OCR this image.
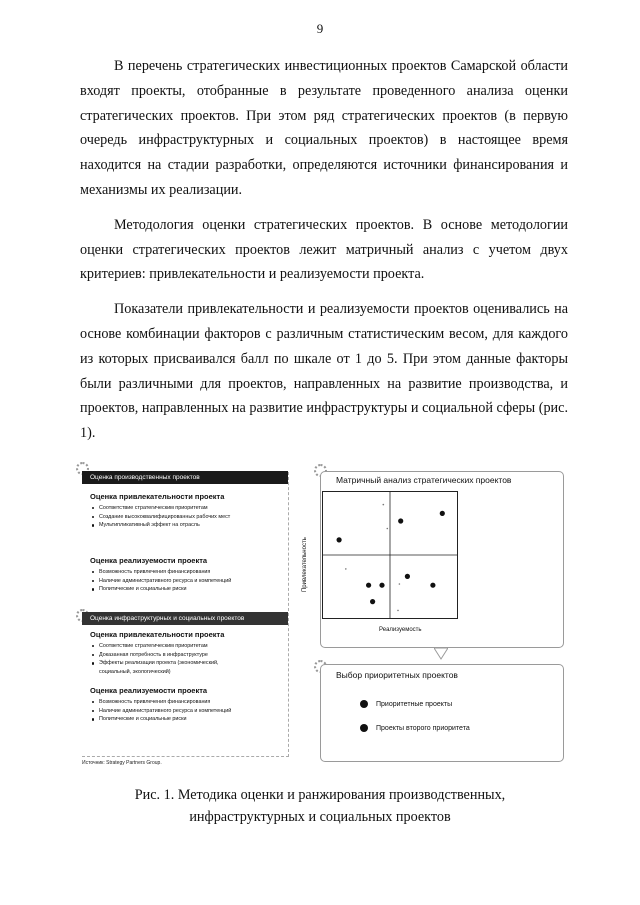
9

В перечень стратегических инвестиционных проектов Самарской области входят проекты, отобранные в результате проведенного анализа оценки стратегических проектов. При этом ряд стратегических проектов (в первую очередь инфраструктурных и социальных проектов) в настоящее время находится на стадии разработки, определяются источники финансирования и механизмы их реализации.

Методология оценки стратегических проектов. В основе методологии оценки стратегических проектов лежит матричный анализ с учетом двух критериев: привлекательности и реализуемости проекта.

Показатели привлекательности и реализуемости проектов оценивались на основе комбинации факторов с различным статистическим весом, для каждого из которых присваивался балл по шкале от 1 до 5. При этом данные факторы были различными для проектов, направленных на развитие производства, и проектов, направленных на развитие инфраструктуры и социальной сферы (рис. 1).

Оценка производственных проектов
Оценка привлекательности проекта
Соответствие стратегическим приоритетам
Создание высококвалифицированных рабочих мест
Мультипликативный эффект на отрасль
Оценка реализуемости проекта
Возможность привлечения финансирования
Наличие административного ресурса и компетенций
Политические и социальные риски
Оценка инфраструктурных и социальных проектов
Оценка привлекательности проекта
Соответствие стратегическим приоритетам
Доказанная потребность в инфраструктуре
Эффекты реализации проекта (экономический, социальный, экологический)
Оценка реализуемости проекта
Возможность привлечения финансирования
Наличие административного ресурса и компетенций
Политические и социальные риски
Источник: Strategy Partners Group.
Матричный анализ стратегических проектов
Выбор приоритетных проектов
Приоритетные проекты
Проекты второго приоритета
Привлекательность
Реализуемость
Рис. 1. Методика оценки и ранжирования производственных,
инфраструктурных и социальных проектов
